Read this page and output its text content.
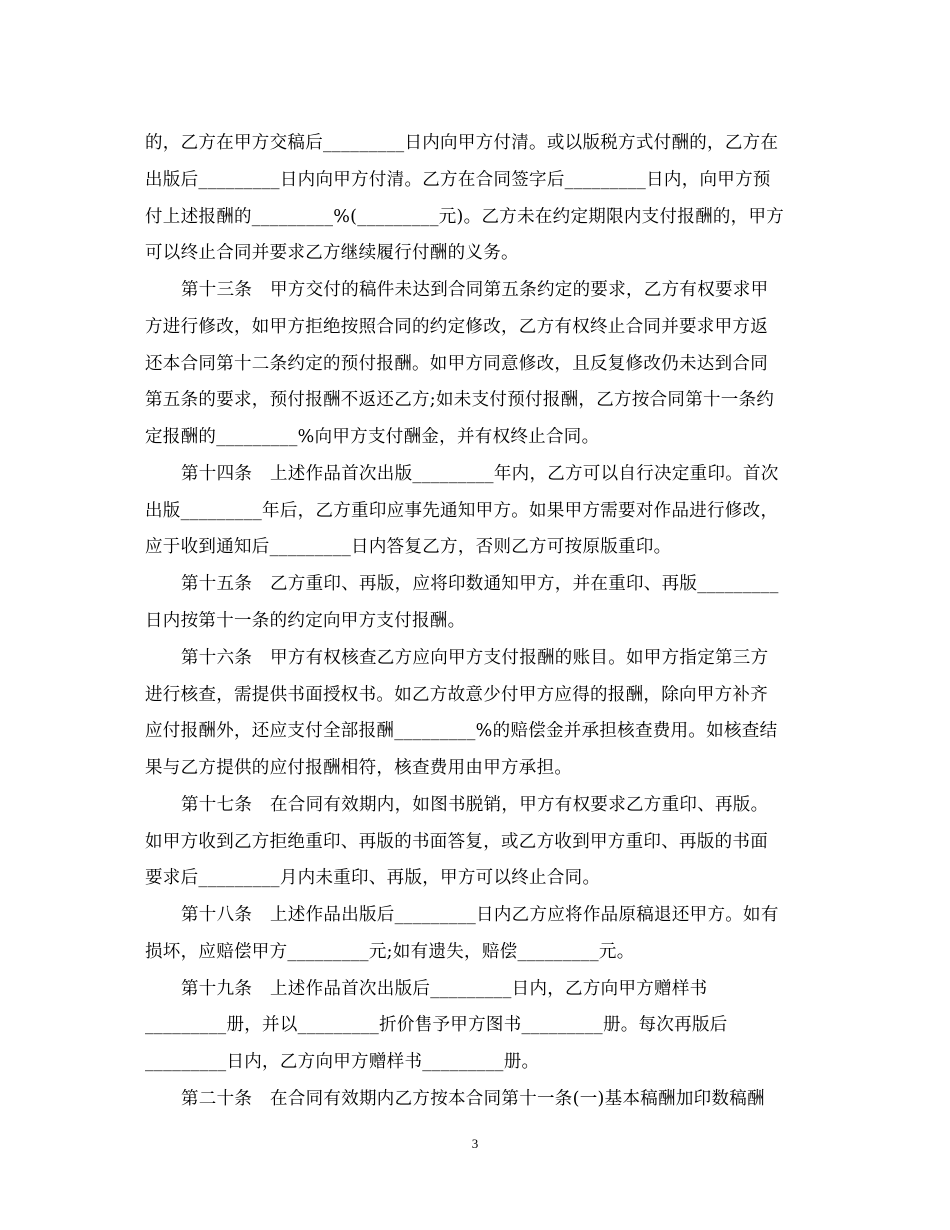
的，乙方在甲方交稿后_________日内向甲方付清。或以版税方式付酬的，乙方在
出版后_________日内向甲方付清。乙方在合同签字后_________日内，向甲方预
付上述报酬的_________%(_________元)。乙方未在约定期限内支付报酬的，甲方
可以终止合同并要求乙方继续履行付酬的义务。
第十三条　甲方交付的稿件未达到合同第五条约定的要求，乙方有权要求甲
方进行修改，如甲方拒绝按照合同的约定修改，乙方有权终止合同并要求甲方返
还本合同第十二条约定的预付报酬。如甲方同意修改，且反复修改仍未达到合同
第五条的要求，预付报酬不返还乙方;如未支付预付报酬，乙方按合同第十一条约
定报酬的_________%向甲方支付酬金，并有权终止合同。
第十四条　上述作品首次出版_________年内，乙方可以自行决定重印。首次
出版_________年后，乙方重印应事先通知甲方。如果甲方需要对作品进行修改，
应于收到通知后_________日内答复乙方，否则乙方可按原版重印。
第十五条　乙方重印、再版，应将印数通知甲方，并在重印、再版_________
日内按第十一条的约定向甲方支付报酬。
第十六条　甲方有权核查乙方应向甲方支付报酬的账目。如甲方指定第三方
进行核查，需提供书面授权书。如乙方故意少付甲方应得的报酬，除向甲方补齐
应付报酬外，还应支付全部报酬_________%的赔偿金并承担核查费用。如核查结
果与乙方提供的应付报酬相符，核查费用由甲方承担。
第十七条　在合同有效期内，如图书脱销，甲方有权要求乙方重印、再版。
如甲方收到乙方拒绝重印、再版的书面答复，或乙方收到甲方重印、再版的书面
要求后_________月内未重印、再版，甲方可以终止合同。
第十八条　上述作品出版后_________日内乙方应将作品原稿退还甲方。如有
损坏，应赔偿甲方_________元;如有遗失，赔偿_________元。
第十九条　上述作品首次出版后_________日内，乙方向甲方赠样书
_________册，并以_________折价售予甲方图书_________册。每次再版后
_________日内，乙方向甲方赠样书_________册。
第二十条　在合同有效期内乙方按本合同第十一条(一)基本稿酬加印数稿酬
3
